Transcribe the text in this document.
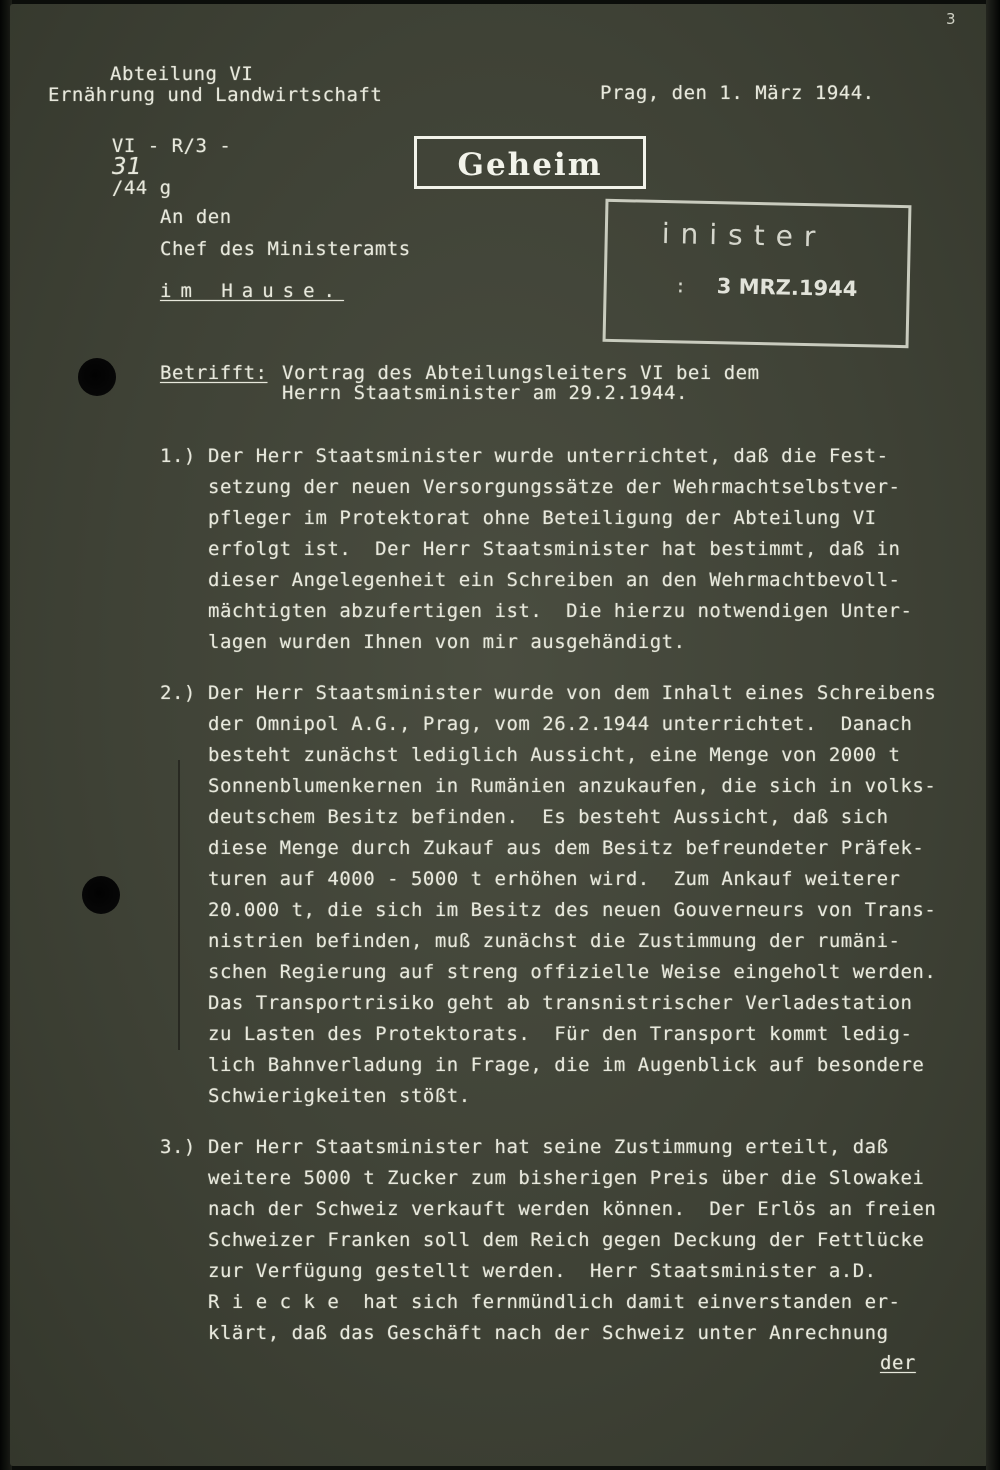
3
Abteilung VI
Ernährung und Landwirtschaft

VI - R/3 -
31
/44 g

Prag, den 1. März 1944.
Geheim
inister
: 3 MRZ.1944
An den
Chef des Ministeramts
im Hause.
Betrifft: Vortrag des Abteilungsleiters VI bei dem
Herrn Staatsminister am 29.2.1944.
1.) Der Herr Staatsminister wurde unterrichtet, daß die Fest-
setzung der neuen Versorgungssätze der Wehrmachtselbstver-
pfleger im Protektorat ohne Beteiligung der Abteilung VI
erfolgt ist.  Der Herr Staatsminister hat bestimmt, daß in
dieser Angelegenheit ein Schreiben an den Wehrmachtbevoll-
mächtigten abzufertigen ist.  Die hierzu notwendigen Unter-
lagen wurden Ihnen von mir ausgehändigt.
2.) Der Herr Staatsminister wurde von dem Inhalt eines Schreibens
der Omnipol A.G., Prag, vom 26.2.1944 unterrichtet.  Danach
besteht zunächst lediglich Aussicht, eine Menge von 2000 t
Sonnenblumenkernen in Rumänien anzukaufen, die sich in volks-
deutschem Besitz befinden.  Es besteht Aussicht, daß sich
diese Menge durch Zukauf aus dem Besitz befreundeter Präfek-
turen auf 4000 - 5000 t erhöhen wird.  Zum Ankauf weiterer
20.000 t, die sich im Besitz des neuen Gouverneurs von Trans-
nistrien befinden, muß zunächst die Zustimmung der rumäni-
schen Regierung auf streng offizielle Weise eingeholt werden.
Das Transportrisiko geht ab transnistrischer Verladestation
zu Lasten des Protektorats.  Für den Transport kommt ledig-
lich Bahnverladung in Frage, die im Augenblick auf besondere
Schwierigkeiten stößt.
3.) Der Herr Staatsminister hat seine Zustimmung erteilt, daß
weitere 5000 t Zucker zum bisherigen Preis über die Slowakei
nach der Schweiz verkauft werden können.  Der Erlös an freien
Schweizer Franken soll dem Reich gegen Deckung der Fettlücke
zur Verfügung gestellt werden.  Herr Staatsminister a.D.
R i e c k e  hat sich fernmündlich damit einverstanden er-
klärt, daß das Geschäft nach der Schweiz unter Anrechnung
der
